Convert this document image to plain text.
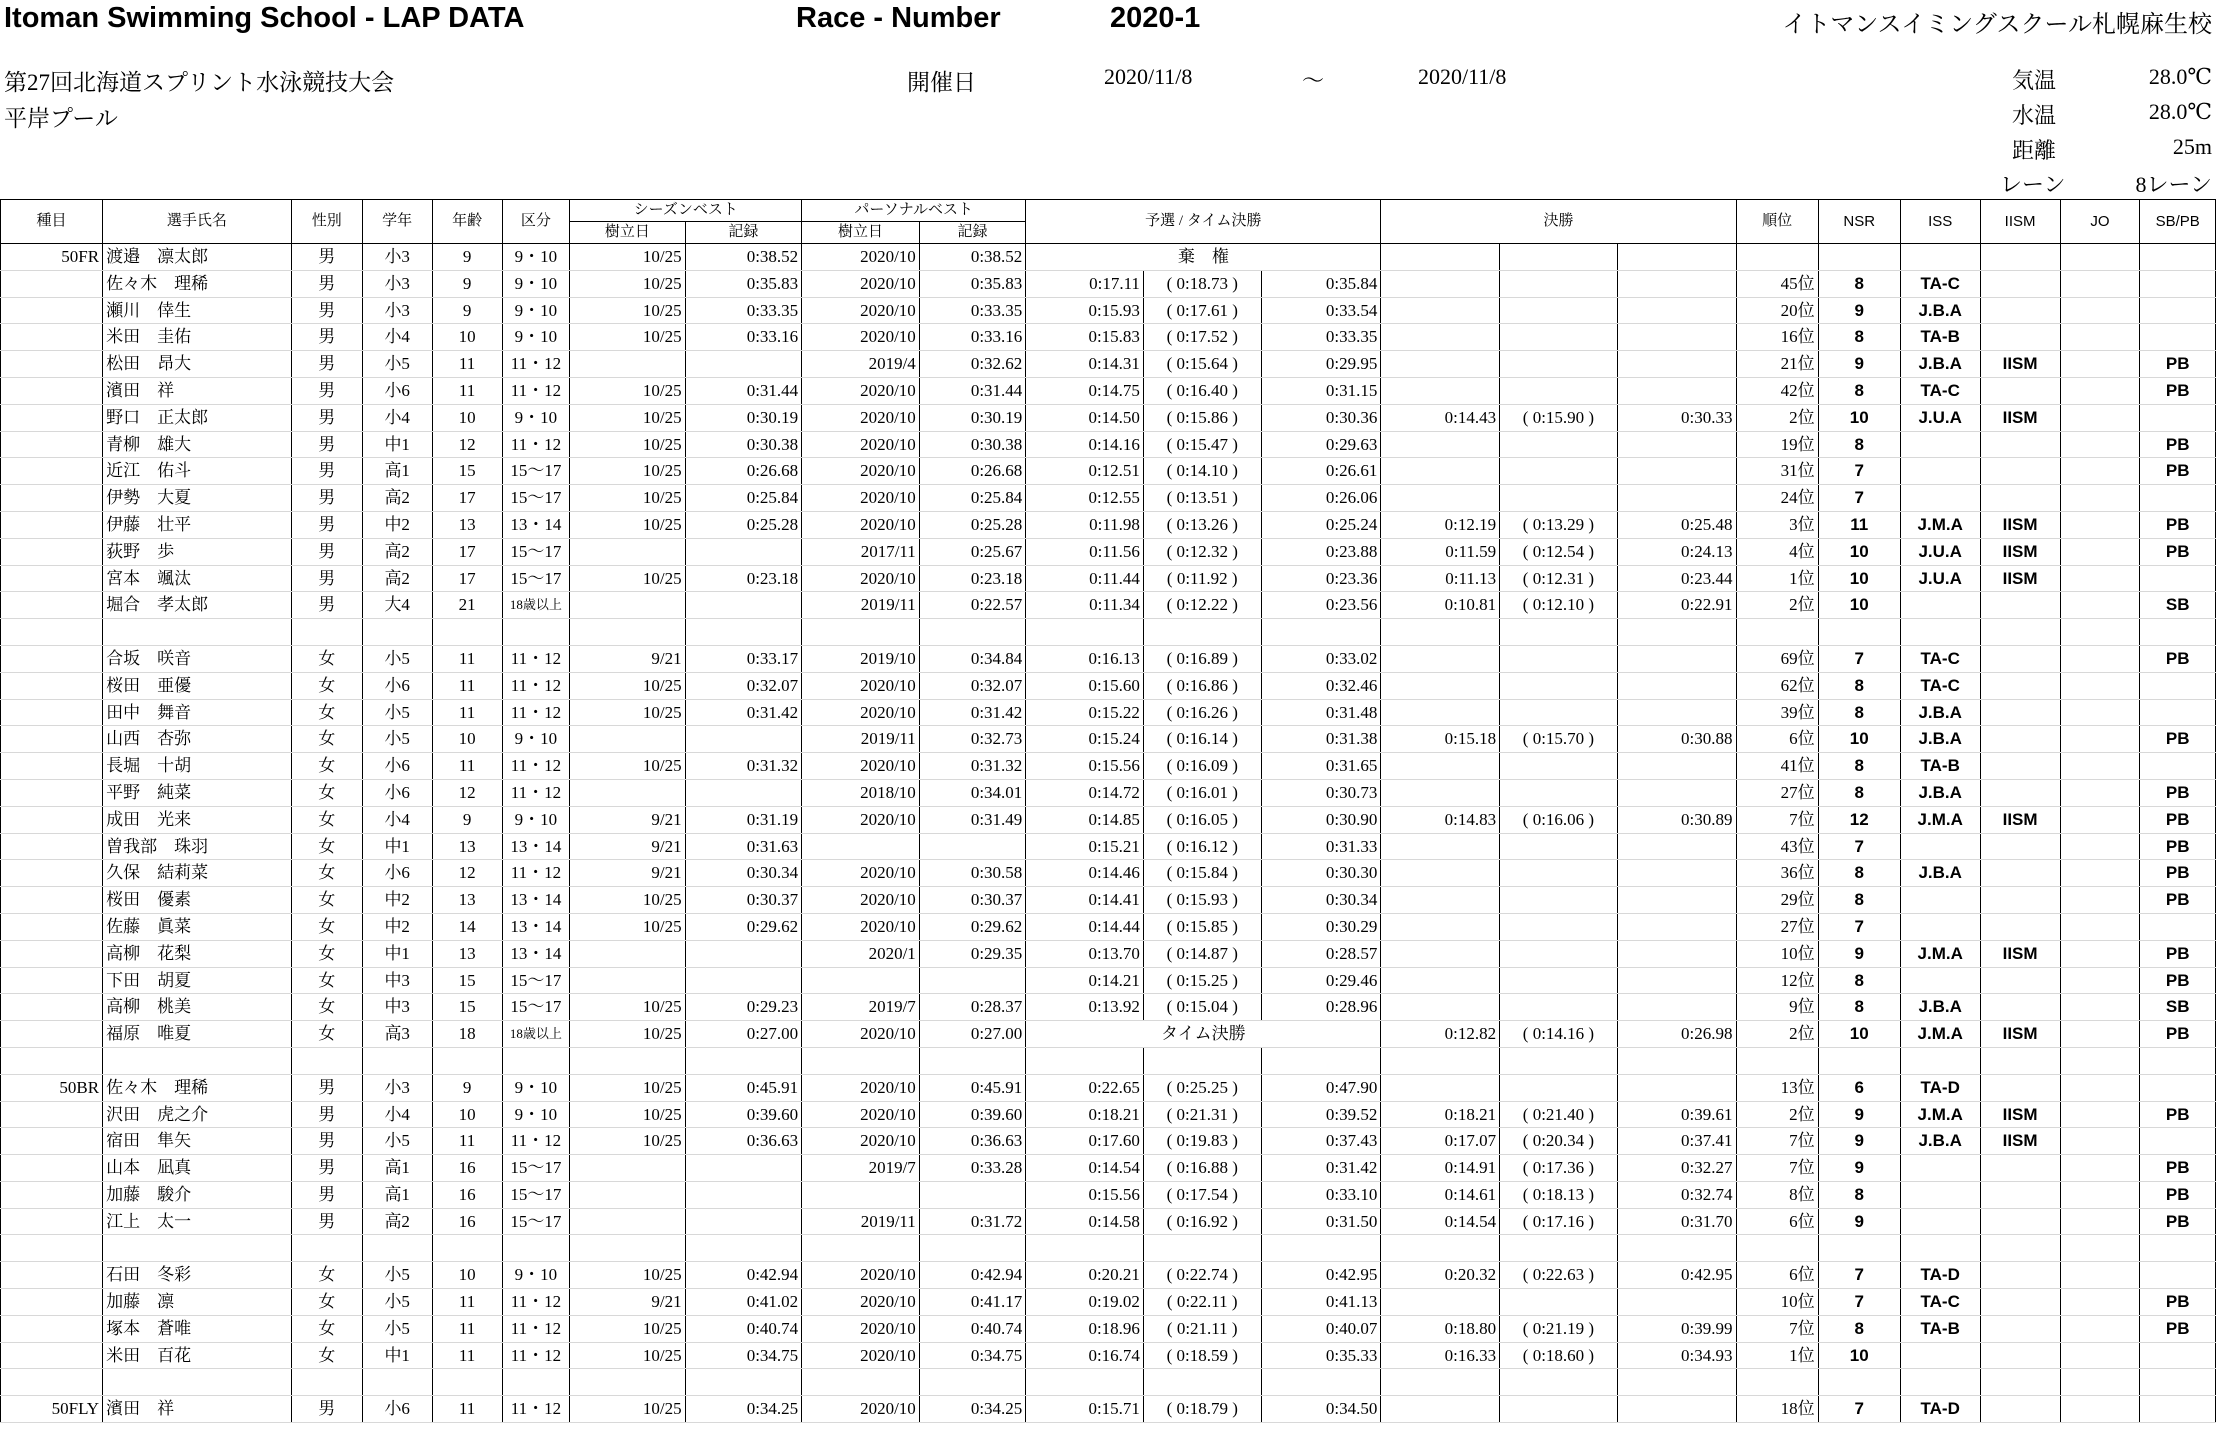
Itoman Swimming School - LAP DATA	Race - Number	2020-1	イトマンスイミングスクール札幌麻生校
第27回北海道スプリント水泳競技大会
平岸プール
開催日	2020/11/8	～	2020/11/8	気温	28.0℃
水温	28.0℃
距離	25m
レーン	8レーン
種目	選手氏名	性別	学年	年齢	区分	シーズンベスト		パーソナルベスト		予選 / タイム決勝			決勝			順位	NSR	ISS	IISM	JO	SB/PB
						樹立日	記録	樹立日	記録												
50FR	渡邉　凛太郎	男	小3	9	9・10	10/25	0:38.52	2020/10	0:38.52	棄　権											
	佐々木　理稀	男	小3	9	9・10	10/25	0:35.83	2020/10	0:35.83	0:17.11	( 0:18.73 )	0:35.84				45位	8	TA-C			
	瀬川　倖生	男	小3	9	9・10	10/25	0:33.35	2020/10	0:33.35	0:15.93	( 0:17.61 )	0:33.54				20位	9	J.B.A			
	米田　圭佑	男	小4	10	9・10	10/25	0:33.16	2020/10	0:33.16	0:15.83	( 0:17.52 )	0:33.35				16位	8	TA-B			
	松田　昂大	男	小5	11	11・12			2019/4	0:32.62	0:14.31	( 0:15.64 )	0:29.95				21位	9	J.B.A	IISM		PB
	濱田　祥	男	小6	11	11・12	10/25	0:31.44	2020/10	0:31.44	0:14.75	( 0:16.40 )	0:31.15				42位	8	TA-C			PB
	野口　正太郎	男	小4	10	9・10	10/25	0:30.19	2020/10	0:30.19	0:14.50	( 0:15.86 )	0:30.36	0:14.43	( 0:15.90 )	0:30.33	2位	10	J.U.A	IISM		
	青柳　雄大	男	中1	12	11・12	10/25	0:30.38	2020/10	0:30.38	0:14.16	( 0:15.47 )	0:29.63				19位	8				PB
	近江　佑斗	男	高1	15	15～17	10/25	0:26.68	2020/10	0:26.68	0:12.51	( 0:14.10 )	0:26.61				31位	7				PB
	伊勢　大夏	男	高2	17	15～17	10/25	0:25.84	2020/10	0:25.84	0:12.55	( 0:13.51 )	0:26.06				24位	7				
	伊藤　壮平	男	中2	13	13・14	10/25	0:25.28	2020/10	0:25.28	0:11.98	( 0:13.26 )	0:25.24	0:12.19	( 0:13.29 )	0:25.48	3位	11	J.M.A	IISM		PB
	荻野　歩	男	高2	17	15～17			2017/11	0:25.67	0:11.56	( 0:12.32 )	0:23.88	0:11.59	( 0:12.54 )	0:24.13	4位	10	J.U.A	IISM		PB
	宮本　颯汰	男	高2	17	15～17	10/25	0:23.18	2020/10	0:23.18	0:11.44	( 0:11.92 )	0:23.36	0:11.13	( 0:12.31 )	0:23.44	1位	10	J.U.A	IISM		
	堀合　孝太郎	男	大4	21	18歳以上			2019/11	0:22.57	0:11.34	( 0:12.22 )	0:23.56	0:10.81	( 0:12.10 )	0:22.91	2位	10				SB

	合坂　咲音	女	小5	11	11・12	9/21	0:33.17	2019/10	0:34.84	0:16.13	( 0:16.89 )	0:33.02				69位	7	TA-C			PB
	桜田　亜優	女	小6	11	11・12	10/25	0:32.07	2020/10	0:32.07	0:15.60	( 0:16.86 )	0:32.46				62位	8	TA-C			
	田中　舞音	女	小5	11	11・12	10/25	0:31.42	2020/10	0:31.42	0:15.22	( 0:16.26 )	0:31.48				39位	8	J.B.A			
	山西　杏弥	女	小5	10	9・10			2019/11	0:32.73	0:15.24	( 0:16.14 )	0:31.38	0:15.18	( 0:15.70 )	0:30.88	6位	10	J.B.A			PB
	長堀　十胡	女	小6	11	11・12	10/25	0:31.32	2020/10	0:31.32	0:15.56	( 0:16.09 )	0:31.65				41位	8	TA-B			
	平野　純菜	女	小6	12	11・12			2018/10	0:34.01	0:14.72	( 0:16.01 )	0:30.73				27位	8	J.B.A			PB
	成田　光来	女	小4	9	9・10	9/21	0:31.19	2020/10	0:31.49	0:14.85	( 0:16.05 )	0:30.90	0:14.83	( 0:16.06 )	0:30.89	7位	12	J.M.A	IISM		PB
	曽我部　珠羽	女	中1	13	13・14	9/21	0:31.63			0:15.21	( 0:16.12 )	0:31.33				43位	7				PB
	久保　結莉菜	女	小6	12	11・12	9/21	0:30.34	2020/10	0:30.58	0:14.46	( 0:15.84 )	0:30.30				36位	8	J.B.A			PB
	桜田　優素	女	中2	13	13・14	10/25	0:30.37	2020/10	0:30.37	0:14.41	( 0:15.93 )	0:30.34				29位	8				PB
	佐藤　眞菜	女	中2	14	13・14	10/25	0:29.62	2020/10	0:29.62	0:14.44	( 0:15.85 )	0:30.29				27位	7				
	高柳　花梨	女	中1	13	13・14			2020/1	0:29.35	0:13.70	( 0:14.87 )	0:28.57				10位	9	J.M.A	IISM		PB
	下田　胡夏	女	中3	15	15～17					0:14.21	( 0:15.25 )	0:29.46				12位	8				PB
	高柳　桃美	女	中3	15	15～17	10/25	0:29.23	2019/7	0:28.37	0:13.92	( 0:15.04 )	0:28.96				9位	8	J.B.A			SB
	福原　唯夏	女	高3	18	18歳以上	10/25	0:27.00	2020/10	0:27.00	タイム決勝			0:12.82	( 0:14.16 )	0:26.98	2位	10	J.M.A	IISM		PB

50BR	佐々木　理稀	男	小3	9	9・10	10/25	0:45.91	2020/10	0:45.91	0:22.65	( 0:25.25 )	0:47.90				13位	6	TA-D			
	沢田　虎之介	男	小4	10	9・10	10/25	0:39.60	2020/10	0:39.60	0:18.21	( 0:21.31 )	0:39.52	0:18.21	( 0:21.40 )	0:39.61	2位	9	J.M.A	IISM		PB
	宿田　隼矢	男	小5	11	11・12	10/25	0:36.63	2020/10	0:36.63	0:17.60	( 0:19.83 )	0:37.43	0:17.07	( 0:20.34 )	0:37.41	7位	9	J.B.A	IISM		
	山本　凪真	男	高1	16	15～17			2019/7	0:33.28	0:14.54	( 0:16.88 )	0:31.42	0:14.91	( 0:17.36 )	0:32.27	7位	9				PB
	加藤　駿介	男	高1	16	15～17					0:15.56	( 0:17.54 )	0:33.10	0:14.61	( 0:18.13 )	0:32.74	8位	8				PB
	江上　太一	男	高2	16	15～17			2019/11	0:31.72	0:14.58	( 0:16.92 )	0:31.50	0:14.54	( 0:17.16 )	0:31.70	6位	9				PB

	石田　冬彩	女	小5	10	9・10	10/25	0:42.94	2020/10	0:42.94	0:20.21	( 0:22.74 )	0:42.95	0:20.32	( 0:22.63 )	0:42.95	6位	7	TA-D			
	加藤　凛	女	小5	11	11・12	9/21	0:41.02	2020/10	0:41.17	0:19.02	( 0:22.11 )	0:41.13				10位	7	TA-C			PB
	塚本　蒼唯	女	小5	11	11・12	10/25	0:40.74	2020/10	0:40.74	0:18.96	( 0:21.11 )	0:40.07	0:18.80	( 0:21.19 )	0:39.99	7位	8	TA-B			PB
	米田　百花	女	中1	11	11・12	10/25	0:34.75	2020/10	0:34.75	0:16.74	( 0:18.59 )	0:35.33	0:16.33	( 0:18.60 )	0:34.93	1位	10				

50FLY	濱田　祥	男	小6	11	11・12	10/25	0:34.25	2020/10	0:34.25	0:15.71	( 0:18.79 )	0:34.50				18位	7	TA-D			
